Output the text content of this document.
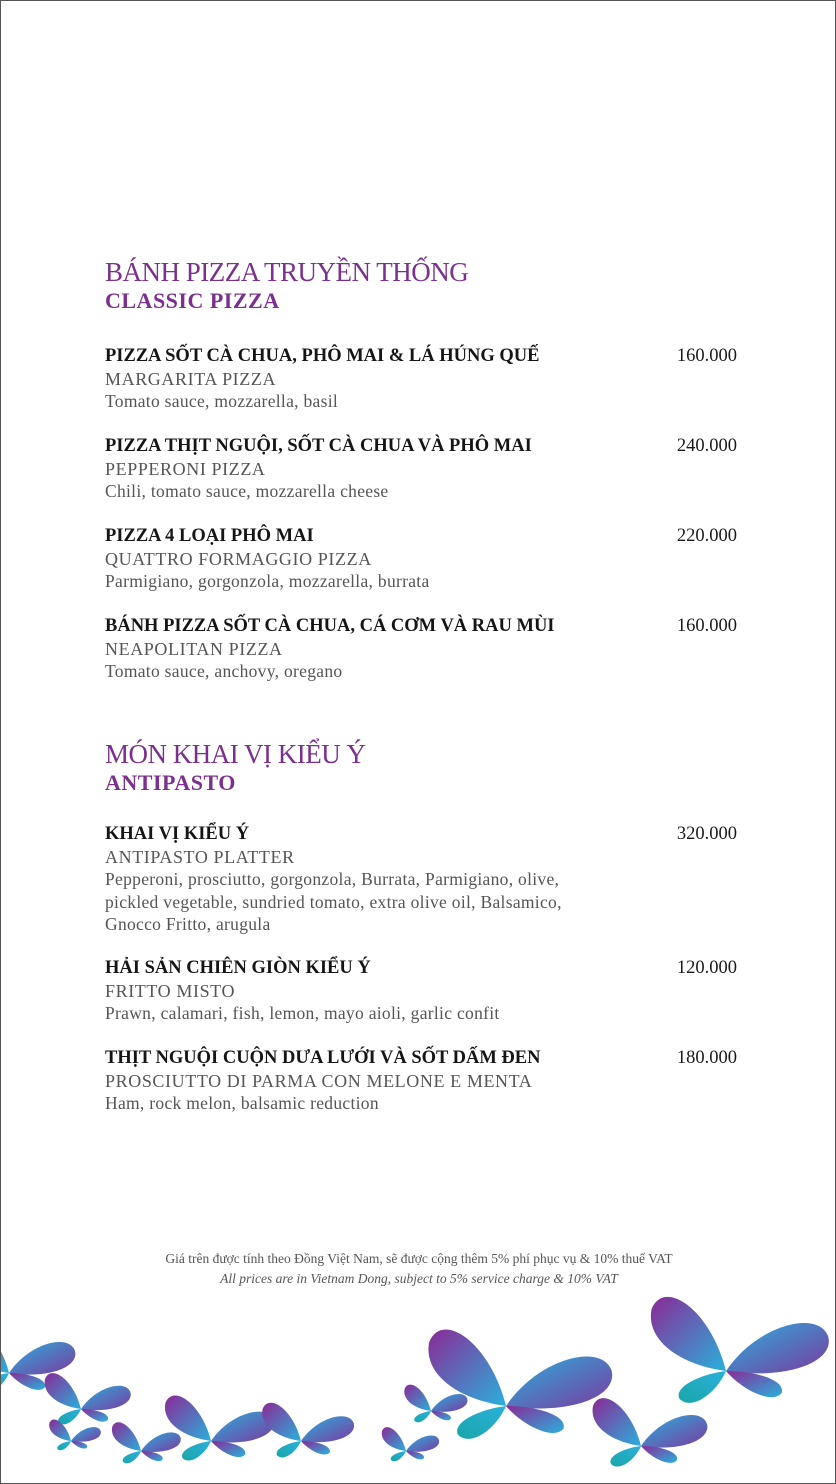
BÁNH PIZZA TRUYỀN THỐNG
CLASSIC PIZZA
PIZZA SỐT CÀ CHUA, PHÔ MAI & LÁ HÚNG QUẾ	160.000
MARGARITA PIZZA
Tomato sauce, mozzarella, basil
PIZZA THỊT NGUỘI, SỐT CÀ CHUA VÀ PHÔ MAI	240.000
PEPPERONI PIZZA
Chili, tomato sauce, mozzarella cheese
PIZZA 4 LOẠI PHÔ MAI	220.000
QUATTRO FORMAGGIO PIZZA
Parmigiano, gorgonzola, mozzarella, burrata
BÁNH PIZZA SỐT CÀ CHUA, CÁ CƠM VÀ RAU MÙI	160.000
NEAPOLITAN PIZZA
Tomato sauce, anchovy, oregano
MÓN KHAI VỊ KIỂU Ý
ANTIPASTO
KHAI VỊ KIỂU Ý	320.000
ANTIPASTO PLATTER
Pepperoni, prosciutto, gorgonzola, Burrata, Parmigiano, olive, pickled vegetable, sundried tomato, extra olive oil, Balsamico, Gnocco Fritto, arugula
HẢI SẢN CHIÊN GIÒN KIỂU Ý	120.000
FRITTO MISTO
Prawn, calamari, fish, lemon, mayo aioli, garlic confit
THỊT NGUỘI CUỘN DƯA LƯỚI VÀ SỐT DẤM ĐEN	180.000
PROSCIUTTO DI PARMA CON MELONE E MENTA
Ham, rock melon, balsamic reduction
Giá trên được tính theo Đồng Việt Nam, sẽ được cộng thêm 5% phí phục vụ & 10% thuế VAT
All prices are in Vietnam Dong, subject to 5% service charge & 10% VAT
